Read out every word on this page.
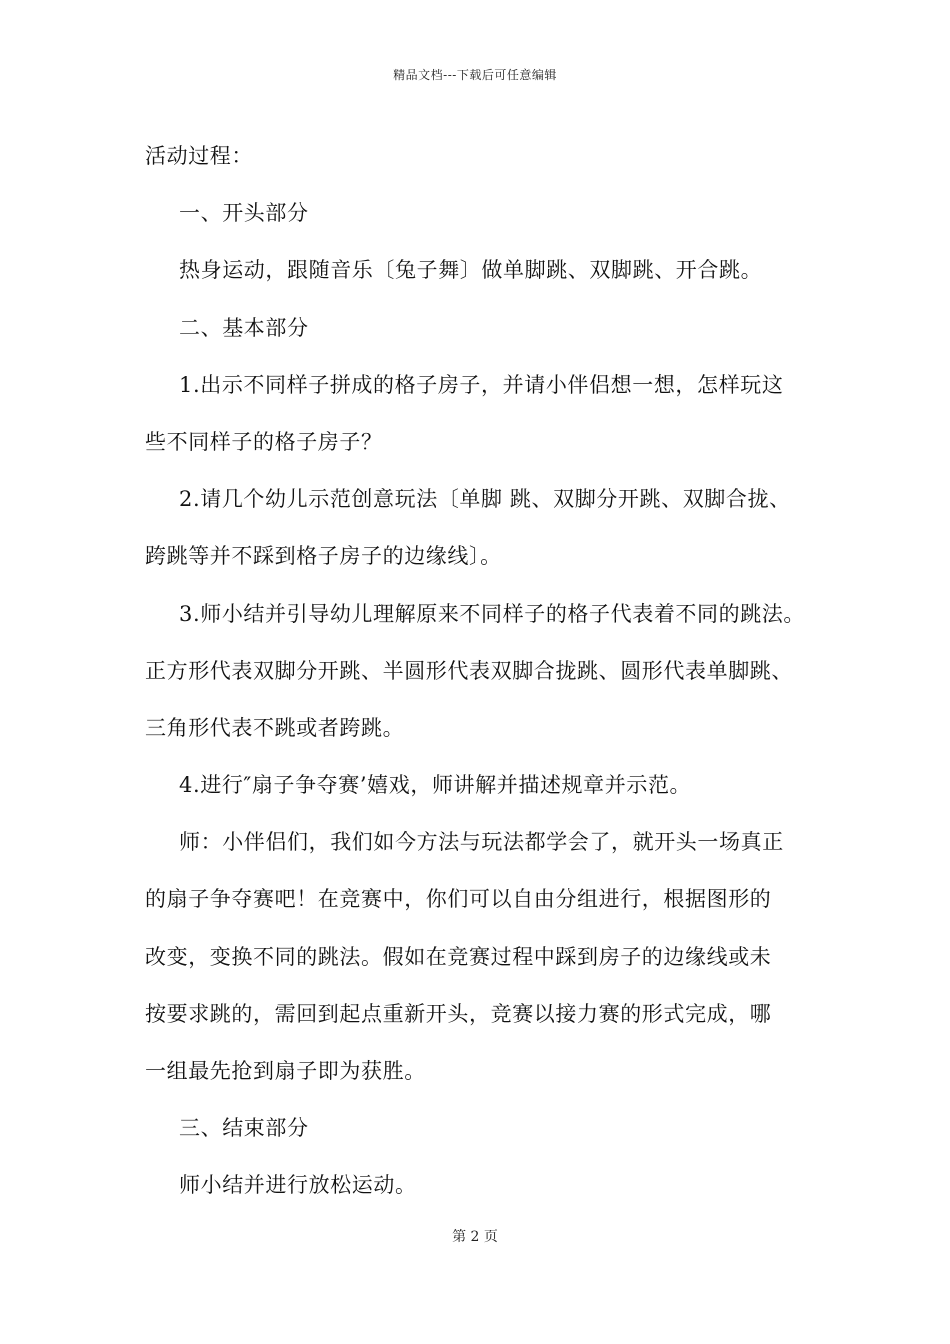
精品文档---下载后可任意编辑
活动过程：
一、开头部分
热身运动，跟随音乐〔兔子舞〕做单脚跳、双脚跳、开合跳。
二、基本部分
1.出示不同样子拼成的格子房子，并请小伴侣想一想，怎样玩这
些不同样子的格子房子？
2.请几个幼儿示范创意玩法〔单脚 跳、双脚分开跳、双脚合拢、
跨跳等并不踩到格子房子的边缘线〕。
3.师小结并引导幼儿理解原来不同样子的格子代表着不同的跳法。
正方形代表双脚分开跳、半圆形代表双脚合拢跳、圆形代表单脚跳、
三角形代表不跳或者跨跳。
4.进行″扇子争夺赛’嬉戏，师讲解并描述规章并示范。
师：小伴侣们，我们如今方法与玩法都学会了，就开头一场真正
的扇子争夺赛吧！在竞赛中，你们可以自由分组进行，根据图形的
改变，变换不同的跳法。假如在竞赛过程中踩到房子的边缘线或未
按要求跳的，需回到起点重新开头，竞赛以接力赛的形式完成，哪
一组最先抢到扇子即为获胜。
三、结束部分
师小结并进行放松运动。
第 2 页
